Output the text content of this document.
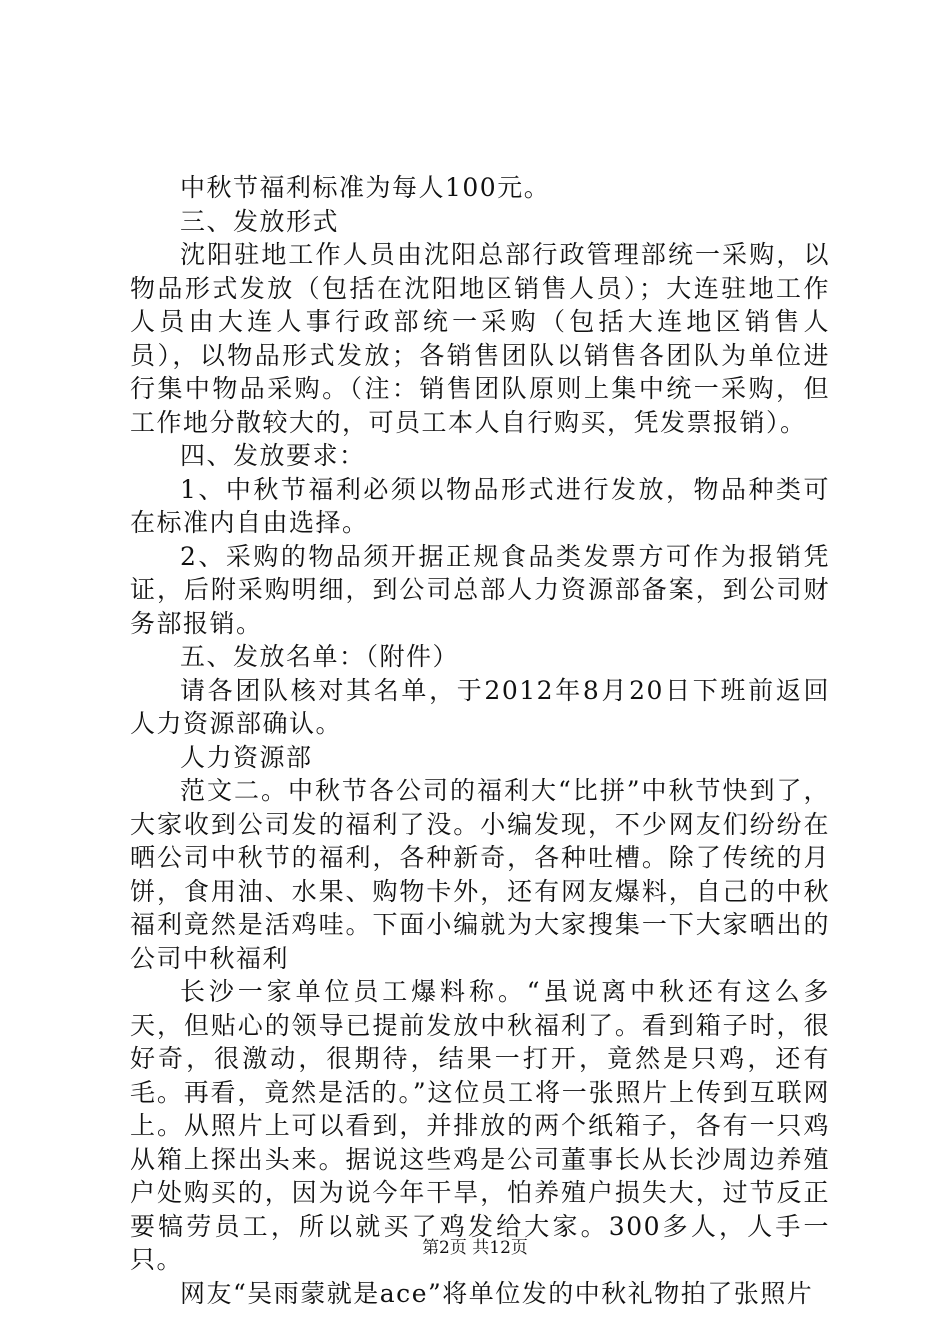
中秋节福利标准为每人100元。

三、发放形式

沈阳驻地工作人员由沈阳总部行政管理部统一采购，以物品形式发放（包括在沈阳地区销售人员）；大连驻地工作人员由大连人事行政部统一采购（包括大连地区销售人员），以物品形式发放；各销售团队以销售各团队为单位进行集中物品采购。（注：销售团队原则上集中统一采购，但工作地分散较大的，可员工本人自行购买，凭发票报销）。

四、发放要求：

1、中秋节福利必须以物品形式进行发放，物品种类可在标准内自由选择。

2、采购的物品须开据正规食品类发票方可作为报销凭证，后附采购明细，到公司总部人力资源部备案，到公司财务部报销。

五、发放名单：（附件）

请各团队核对其名单，于2012年8月20日下班前返回人力资源部确认。

人力资源部

范文二。中秋节各公司的福利大“比拼”中秋节快到了，大家收到公司发的福利了没。小编发现，不少网友们纷纷在晒公司中秋节的福利，各种新奇，各种吐槽。除了传统的月饼，食用油、水果、购物卡外，还有网友爆料，自己的中秋福利竟然是活鸡哇。下面小编就为大家搜集一下大家晒出的公司中秋福利

长沙一家单位员工爆料称。“虽说离中秋还有这么多天，但贴心的领导已提前发放中秋福利了。看到箱子时，很好奇，很激动，很期待，结果一打开，竟然是只鸡，还有毛。再看，竟然是活的。”这位员工将一张照片上传到互联网上。从照片上可以看到，并排放的两个纸箱子，各有一只鸡从箱上探出头来。据说这些鸡是公司董事长从长沙周边养殖户处购买的，因为说今年干旱，怕养殖户损失大，过节反正要犒劳员工，所以就买了鸡发给大家。300多人，人手一只。

网友“吴雨蒙就是ace”将单位发的中秋礼物拍了张照片

第2页 共12页
